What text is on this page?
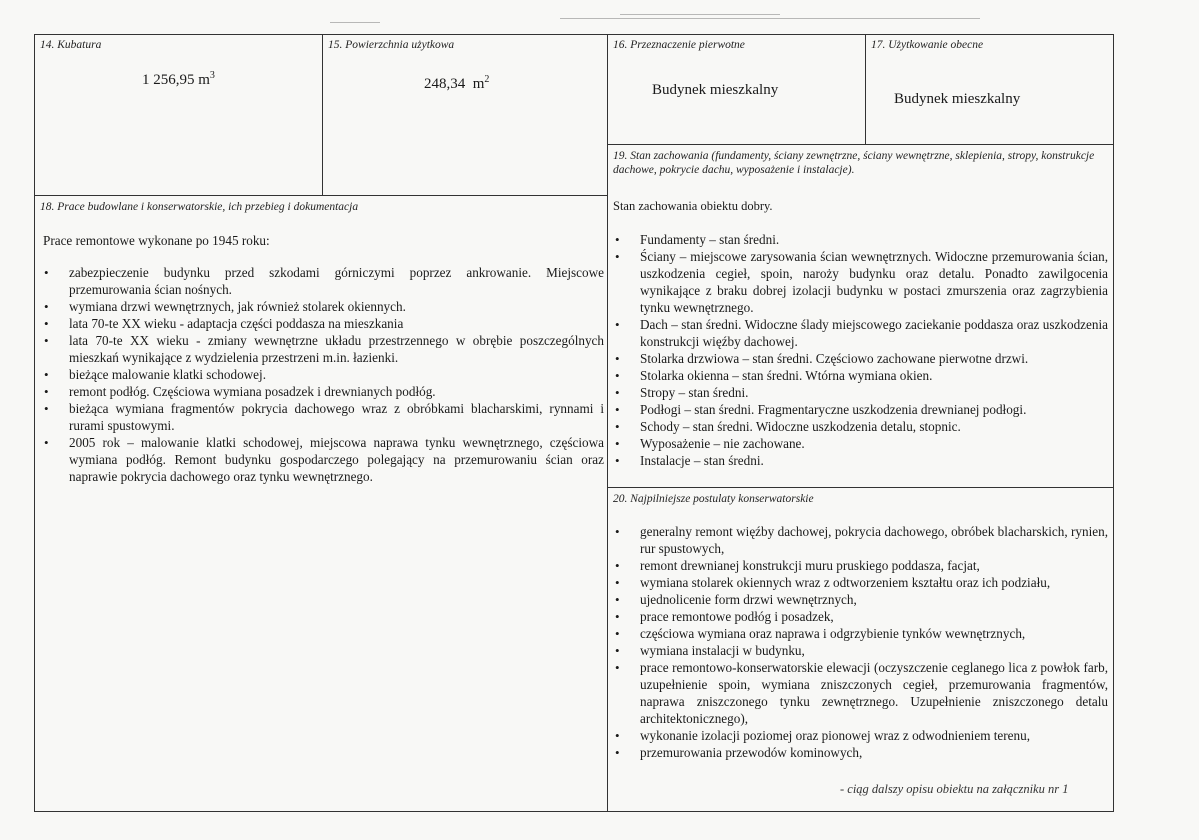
14. Kubatura
1 256,95 $m^3$
15. Powierzchnia użytkowa
248,34  $m^2$
16. Przeznaczenie pierwotne
Budynek mieszkalny
17. Użytkowanie obecne
Budynek mieszkalny
19. Stan zachowania (fundamenty, ściany zewnętrzne, ściany wewnętrzne, sklepienia, stropy, konstrukcje dachowe, pokrycie dachu, wyposażenie i instalacje).
Stan zachowania obiektu dobry.
• Fundamenty – stan średni.
• Ściany – miejscowe zarysowania ścian wewnętrznych. Widoczne przemurowania ścian, uszkodzenia cegieł, spoin, naroży budynku oraz detalu. Ponadto zawilgocenia wynikające z braku dobrej izolacji budynku w postaci zmurszenia oraz zagrzybienia tynku wewnętrznego.
• Dach – stan średni. Widoczne ślady miejscowego zaciekanie poddasza oraz uszkodzenia konstrukcji więźby dachowej.
• Stolarka drzwiowa – stan średni. Częściowo zachowane pierwotne drzwi.
• Stolarka okienna – stan średni. Wtórna wymiana okien.
• Stropy – stan średni.
• Podłogi – stan średni. Fragmentaryczne uszkodzenia drewnianej podłogi.
• Schody – stan średni. Widoczne uszkodzenia detalu, stopnic.
• Wyposażenie – nie zachowane.
• Instalacje – stan średni.
18. Prace budowlane i konserwatorskie, ich przebieg i dokumentacja
Prace remontowe wykonane po 1945 roku:
• zabezpieczenie budynku przed szkodami górniczymi poprzez ankrowanie. Miejscowe przemurowania ścian nośnych.
• wymiana drzwi wewnętrznych, jak również stolarek okiennych.
• lata 70-te XX wieku - adaptacja części poddasza na mieszkania
• lata 70-te XX wieku - zmiany wewnętrzne układu przestrzennego w obrębie poszczególnych mieszkań wynikające z wydzielenia przestrzeni m.in. łazienki.
• bieżące malowanie klatki schodowej.
• remont podłóg. Częściowa wymiana posadzek i drewnianych podłóg.
• bieżąca wymiana fragmentów pokrycia dachowego wraz z obróbkami blacharskimi, rynnami i rurami spustowymi.
• 2005 rok – malowanie klatki schodowej, miejscowa naprawa tynku wewnętrznego, częściowa wymiana podłóg. Remont budynku gospodarczego polegający na przemurowaniu ścian oraz naprawie pokrycia dachowego oraz tynku wewnętrznego.
20. Najpilniejsze postulaty konserwatorskie
• generalny remont więźby dachowej, pokrycia dachowego, obróbek blacharskich, rynien, rur spustowych,
• remont drewnianej konstrukcji muru pruskiego poddasza, facjat,
• wymiana stolarek okiennych wraz z odtworzeniem kształtu oraz ich podziału,
• ujednolicenie form drzwi wewnętrznych,
• prace remontowe podłóg i posadzek,
• częściowa wymiana oraz naprawa i odgrzybienie tynków wewnętrznych,
• wymiana instalacji w budynku,
• prace remontowo-konserwatorskie elewacji (oczyszczenie ceglanego lica z powłok farb, uzupełnienie spoin, wymiana zniszczonych cegieł, przemurowania fragmentów, naprawa zniszczonego tynku zewnętrznego. Uzupełnienie zniszczonego detalu architektonicznego),
• wykonanie izolacji poziomej oraz pionowej wraz z odwodnieniem terenu,
• przemurowania przewodów kominowych,
- ciąg dalszy opisu obiektu na załączniku nr 1
